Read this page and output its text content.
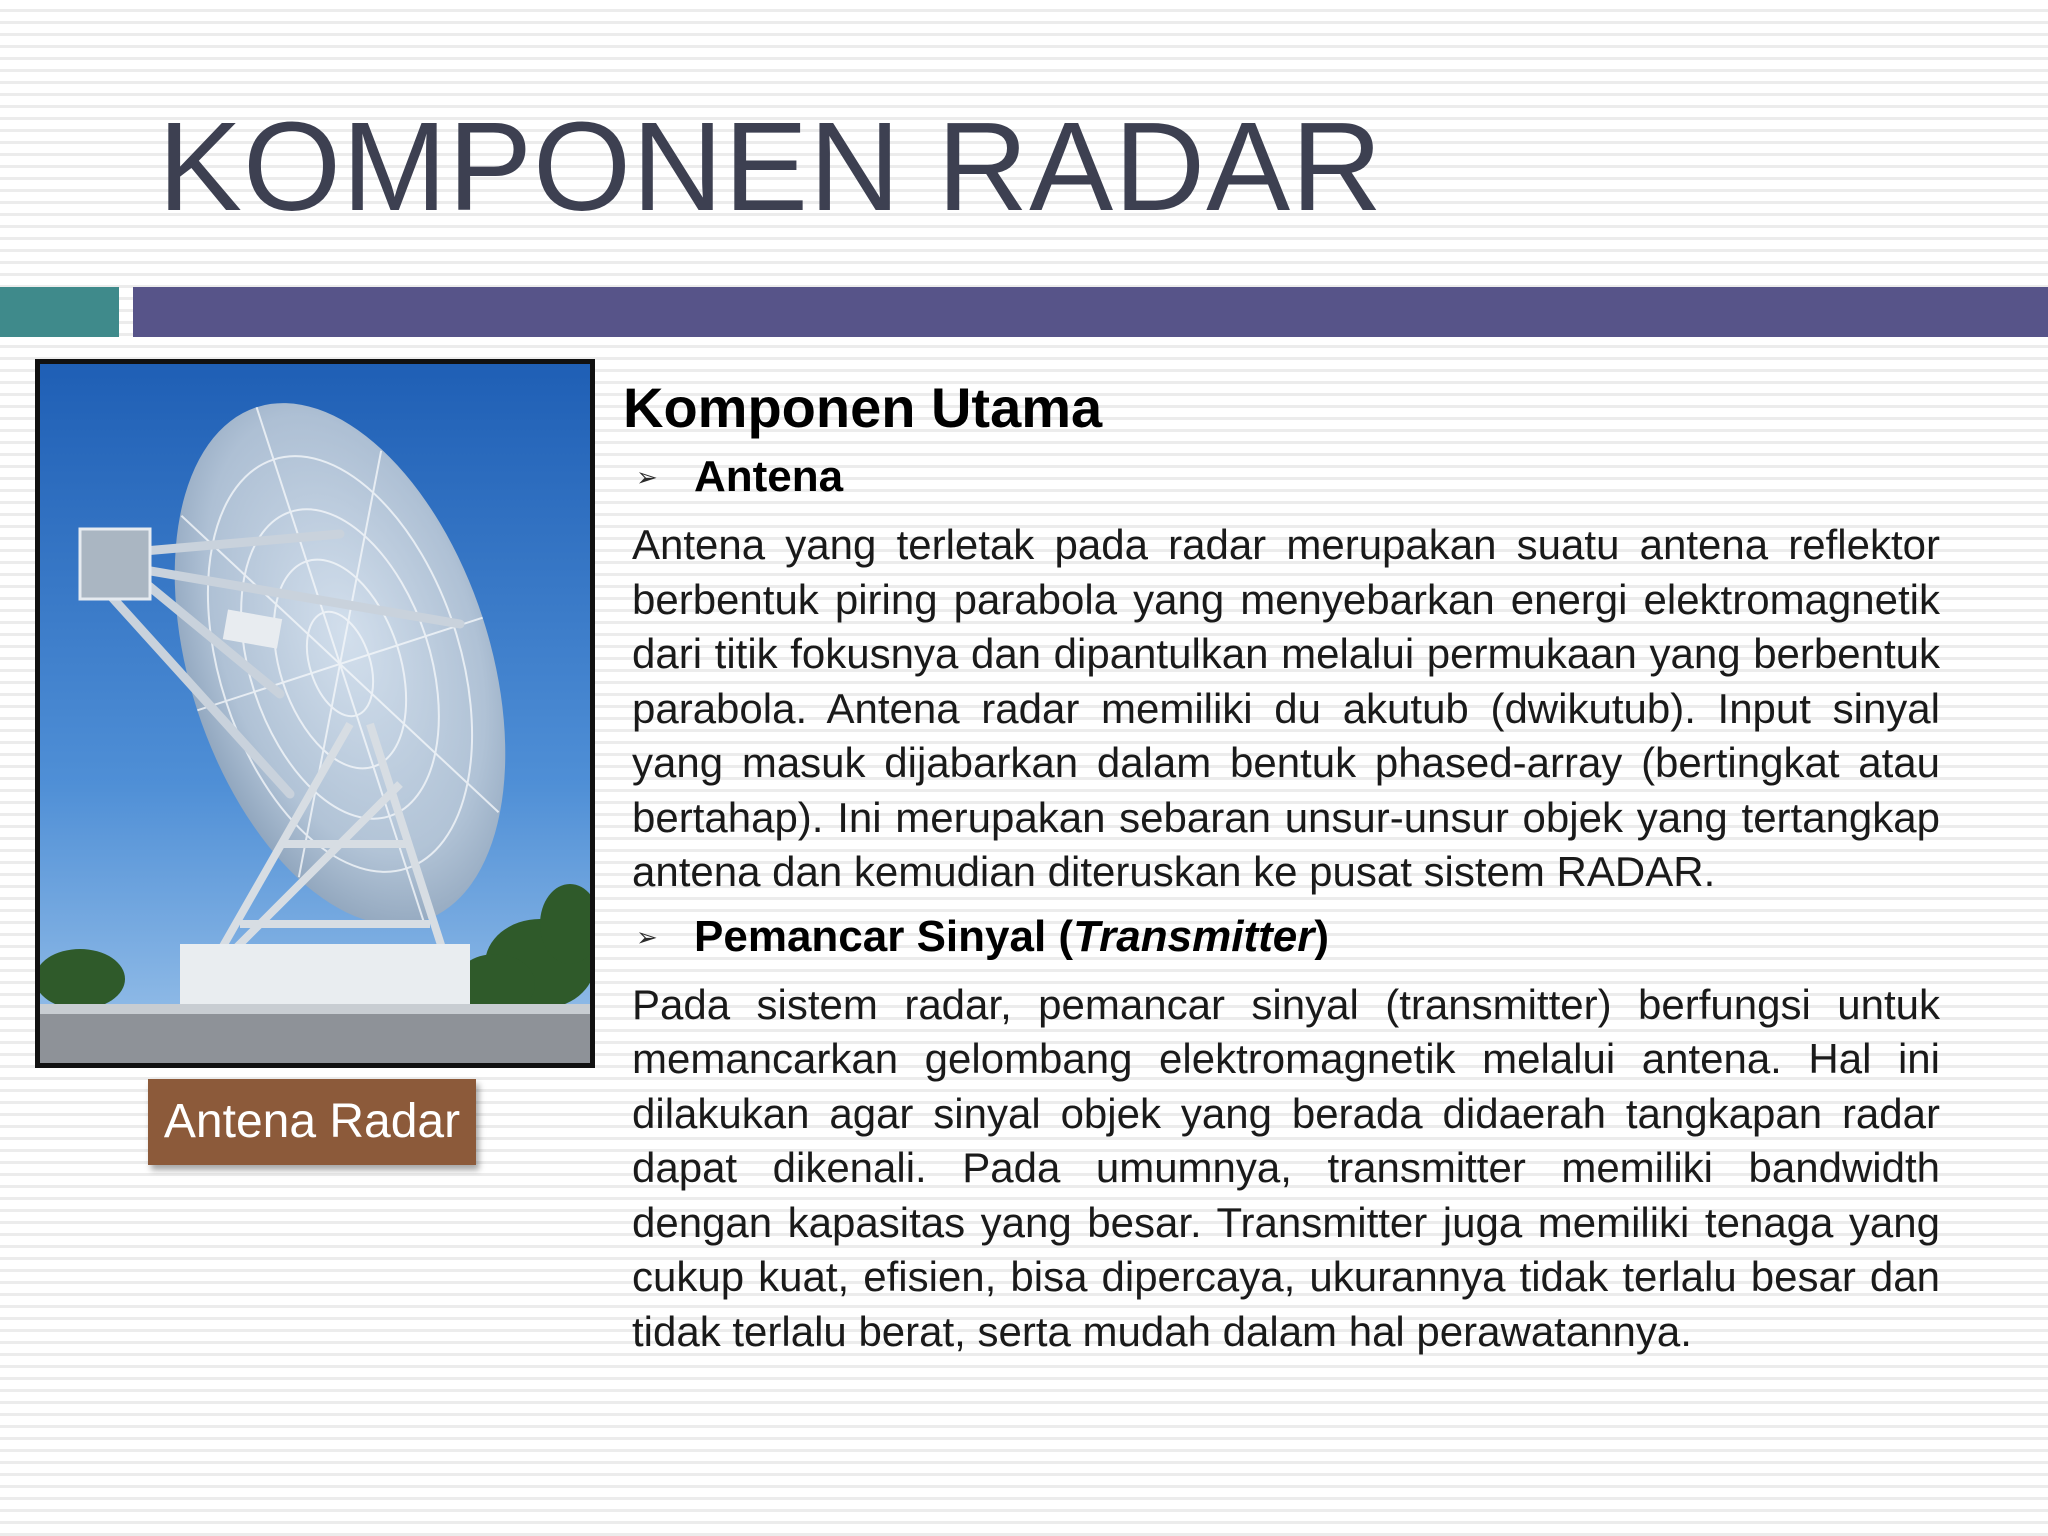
KOMPONEN RADAR
Antena Radar
Komponen Utama
➢ Antena
Antena yang terletak pada radar merupakan suatu antena reflektor berbentuk piring parabola yang menyebarkan energi elektromagnetik dari titik fokusnya dan dipantulkan melalui permukaan yang berbentuk parabola. Antena radar memiliki du akutub (dwikutub). Input sinyal yang masuk dijabarkan dalam bentuk phased-array (bertingkat atau bertahap). Ini merupakan sebaran unsur-unsur objek yang tertangkap antena dan kemudian diteruskan ke pusat sistem RADAR.
➢ Pemancar Sinyal (Transmitter)
Pada sistem radar, pemancar sinyal (transmitter) berfungsi untuk memancarkan gelombang elektromagnetik melalui antena. Hal ini dilakukan agar sinyal objek yang berada didaerah tangkapan radar dapat dikenali. Pada umumnya, transmitter memiliki bandwidth dengan kapasitas yang besar. Transmitter juga memiliki tenaga yang cukup kuat, efisien, bisa dipercaya, ukurannya tidak terlalu besar dan tidak terlalu berat, serta mudah dalam hal perawatannya.
